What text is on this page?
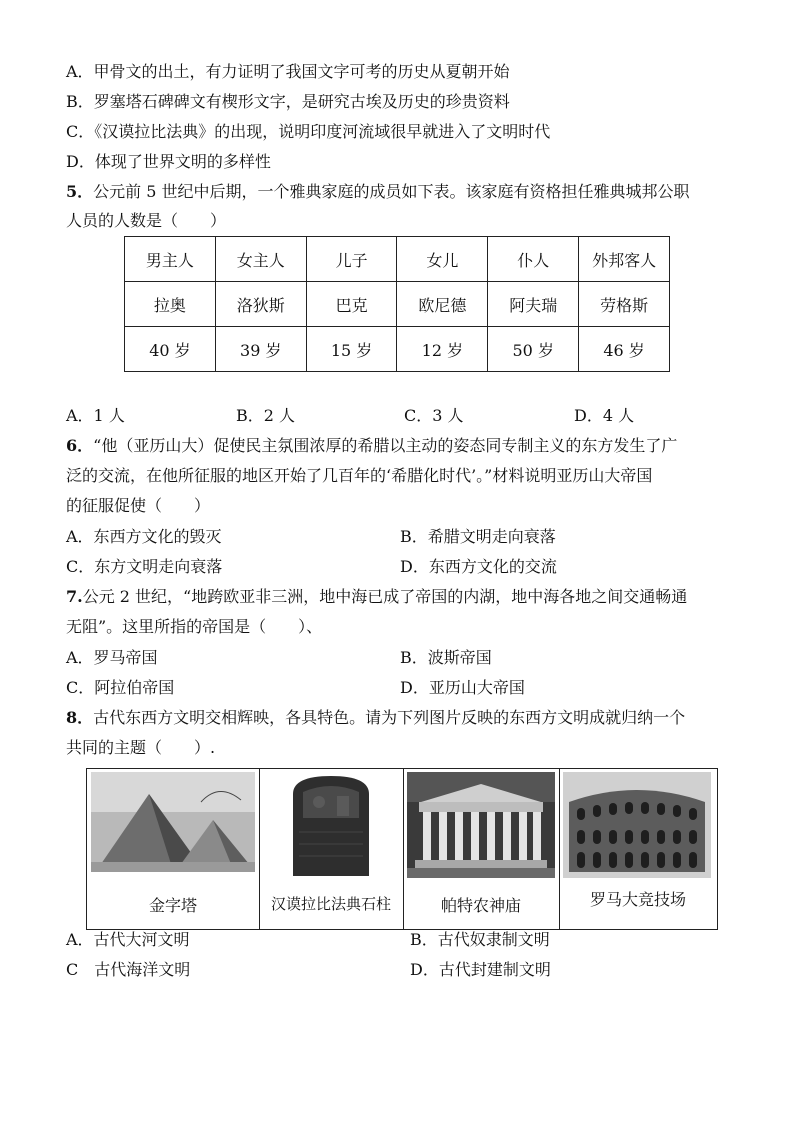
A．甲骨文的出土，有力证明了我国文字可考的历史从夏朝开始
B．罗塞塔石碑碑文有楔形文字，是研究古埃及历史的珍贵资料
C．《汉谟拉比法典》的出现，说明印度河流域很早就进入了文明时代
D．体现了世界文明的多样性
5．公元前 5 世纪中后期，一个雅典家庭的成员如下表。该家庭有资格担任雅典城邦公职
人员的人数是（　　）
男主人	女主人	儿子	女儿	仆人	外邦客人
拉奥	洛狄斯	巴克	欧尼德	阿夫瑞	劳格斯
40 岁	39 岁	15 岁	12 岁	50 岁	46 岁
A．1 人	B．2 人	C．3 人	D．4 人
6．“他（亚历山大）促使民主氛围浓厚的希腊以主动的姿态同专制主义的东方发生了广
泛的交流，在他所征服的地区开始了几百年的‘希腊化时代’。”材料说明亚历山大帝国
的征服促使（　　）
A．东西方文化的毁灭	B．希腊文明走向衰落
C．东方文明走向衰落	D．东西方文化的交流
7.公元 2 世纪，“地跨欧亚非三洲，地中海已成了帝国的内湖，地中海各地之间交通畅通
无阻”。这里所指的帝国是（　　）、
A．罗马帝国	B．波斯帝国
C．阿拉伯帝国	D．亚历山大帝国
8．古代东西方文明交相辉映，各具特色。请为下列图片反映的东西方文明成就归纳一个
共同的主题（　　）.
金字塔	汉谟拉比法典石柱	帕特农神庙	罗马大竞技场
A．古代大河文明	B．古代奴隶制文明
C　古代海洋文明	D．古代封建制文明
